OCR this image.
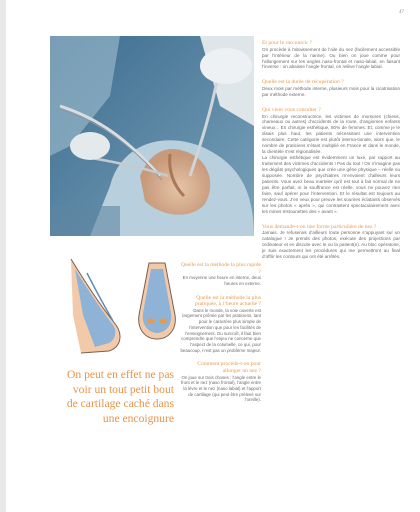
47

Et pour le raccourcir ?

On procède à l’abaissement de l’aile du nez (facilement accessible par l’intérieur de la narine). Ou bien on joue comme pour l’allongement sur les angles naso-frontal et naso-labial, en faisant l’inverse : on abaisse l’angle frontal, on relève l’angle labial.

Quelle est la durée de récupération ?

Deux mois par méthode interne, plusieurs mois pour la cicatrisation par méthode externe.

Qui vient vous consulter ?

En chirurgie reconstructrice, les victimes de morsures (chiens, chameaux ou autres) d’accidents de la route, d’angiomes enfants vineux... En chirurgie esthétique, 80% de femmes. Et, comme je le disais plus haut, les patients nécessitant une intervention secondaire. Cette catégorie est plutôt interna-tionale, alors que, le nombre de praticiens s’étant multiplié en France et dans le monde, la clientèle s’est régionalisée.

La chirurgie esthétique est évidemment un luxe, par rapport au traitement des victimes d’accidents ! Pas du tout ! On n’imagine pas les dégâts psychologiques que crée une gêne physique – réelle ou supposée. Nombre de psychiatres m’envoient d’ailleurs leurs patients. Vous avez beau marteler qu’il est tout à fait normal de ne pas être parfait, si la souffrance est réelle, vous ne pouvez rien faire, sauf opérer pour l’intervention. Et le résultat est toujours au rendez-vous. J’en veux pour preuve les sourires éclatants observés sur les photos « après », qui contrastent spectaculairement avec les mines tristounettes des « avant ».

Vous demande-t-on une forme particulière de nez ?

Jamais. Je refuserais d’ailleurs toute personne s’appuyant sur un catalogue ! Je prends des photos, exécute des projections par ordinateur et en discute avec le ou la patient(e). Au bloc opératoire, je suis exactement les procédures qui me permettront au final d’offrir les contours qui ont été arrêtés.

Quelle est la méthode la plus rapide ?

En moyenne une heure en interne, deux heures en externe.

Quelle est la méthode la plus pratiquée, à l’heure actuelle ?

Dans le monde, la voie ouverte est largement prônée par les praticiens, tant pour le caractère plus simple de l’intervention que pour les facilités de l’enseignement. Du surcroît, il faut bien comprendre que l’enjeu ne concerne que l’aspect de la columelle, ce qui, pour beaucoup, n’est pas un problème majeur.

Comment procède-t-on pour allonger un nez ?

On joue sur trois choses : l’angle entre le front et le nez (naso frontal), l’angle entre la lèvre et le nez (naso labial) et l’apport de cartilage (qui peut être prélevé sur l’oreille).

On peut en effet ne pas voir un tout petit bout de cartilage caché dans une encoignure
